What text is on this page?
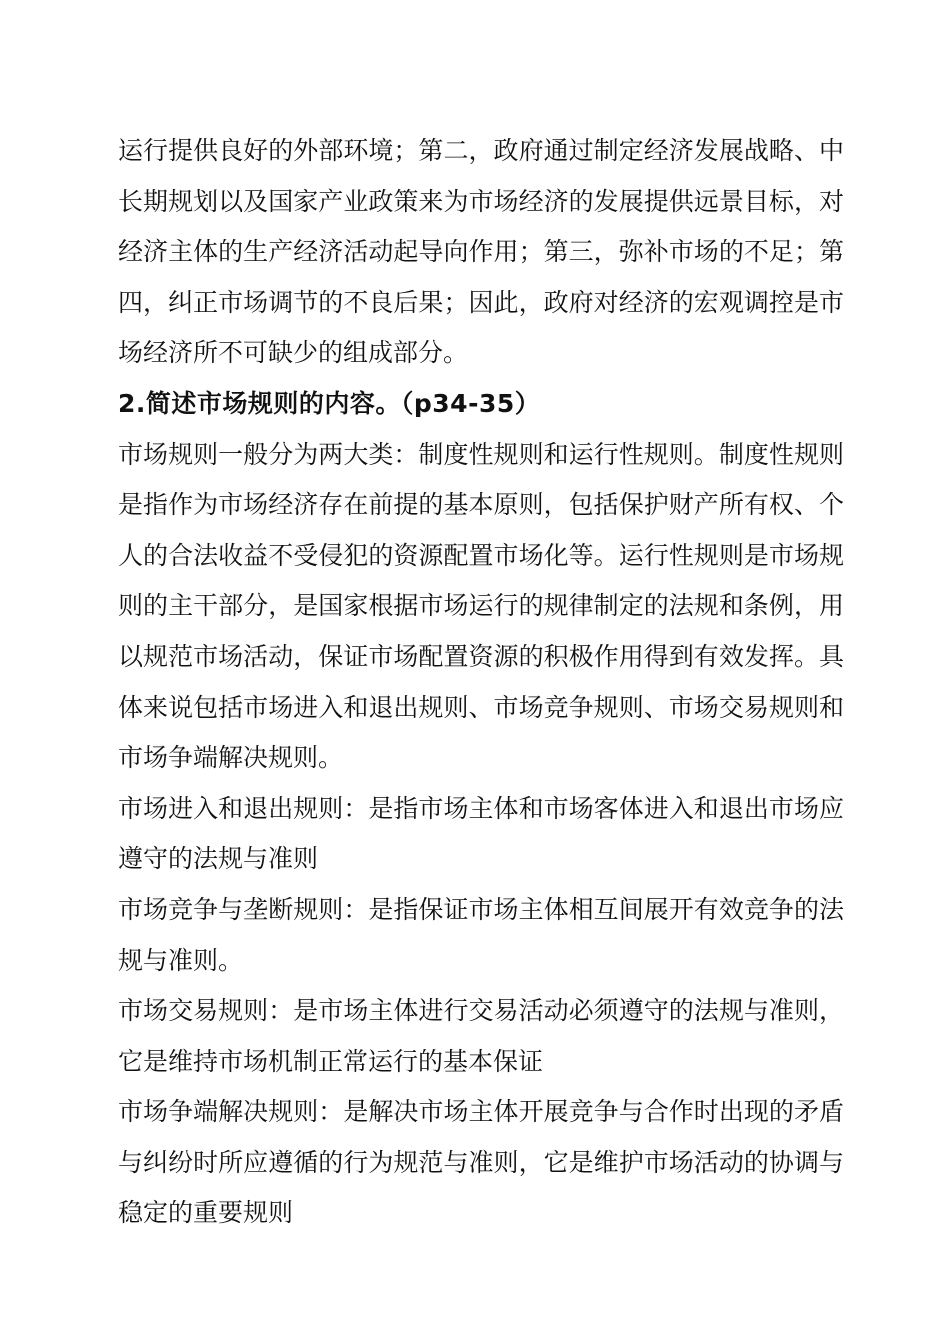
运行提供良好的外部环境；第二，政府通过制定经济发展战略、中长期规划以及国家产业政策来为市场经济的发展提供远景目标，对经济主体的生产经济活动起导向作用；第三，弥补市场的不足；第四，纠正市场调节的不良后果；因此，政府对经济的宏观调控是市场经济所不可缺少的组成部分。

2.简述市场规则的内容。（p34-35）

市场规则一般分为两大类：制度性规则和运行性规则。制度性规则是指作为市场经济存在前提的基本原则，包括保护财产所有权、个人的合法收益不受侵犯的资源配置市场化等。运行性规则是市场规则的主干部分，是国家根据市场运行的规律制定的法规和条例，用以规范市场活动，保证市场配置资源的积极作用得到有效发挥。具体来说包括市场进入和退出规则、市场竞争规则、市场交易规则和市场争端解决规则。

市场进入和退出规则：是指市场主体和市场客体进入和退出市场应遵守的法规与准则

市场竞争与垄断规则：是指保证市场主体相互间展开有效竞争的法规与准则。

市场交易规则：是市场主体进行交易活动必须遵守的法规与准则，它是维持市场机制正常运行的基本保证

市场争端解决规则：是解决市场主体开展竞争与合作时出现的矛盾与纠纷时所应遵循的行为规范与准则，它是维护市场活动的协调与稳定的重要规则
